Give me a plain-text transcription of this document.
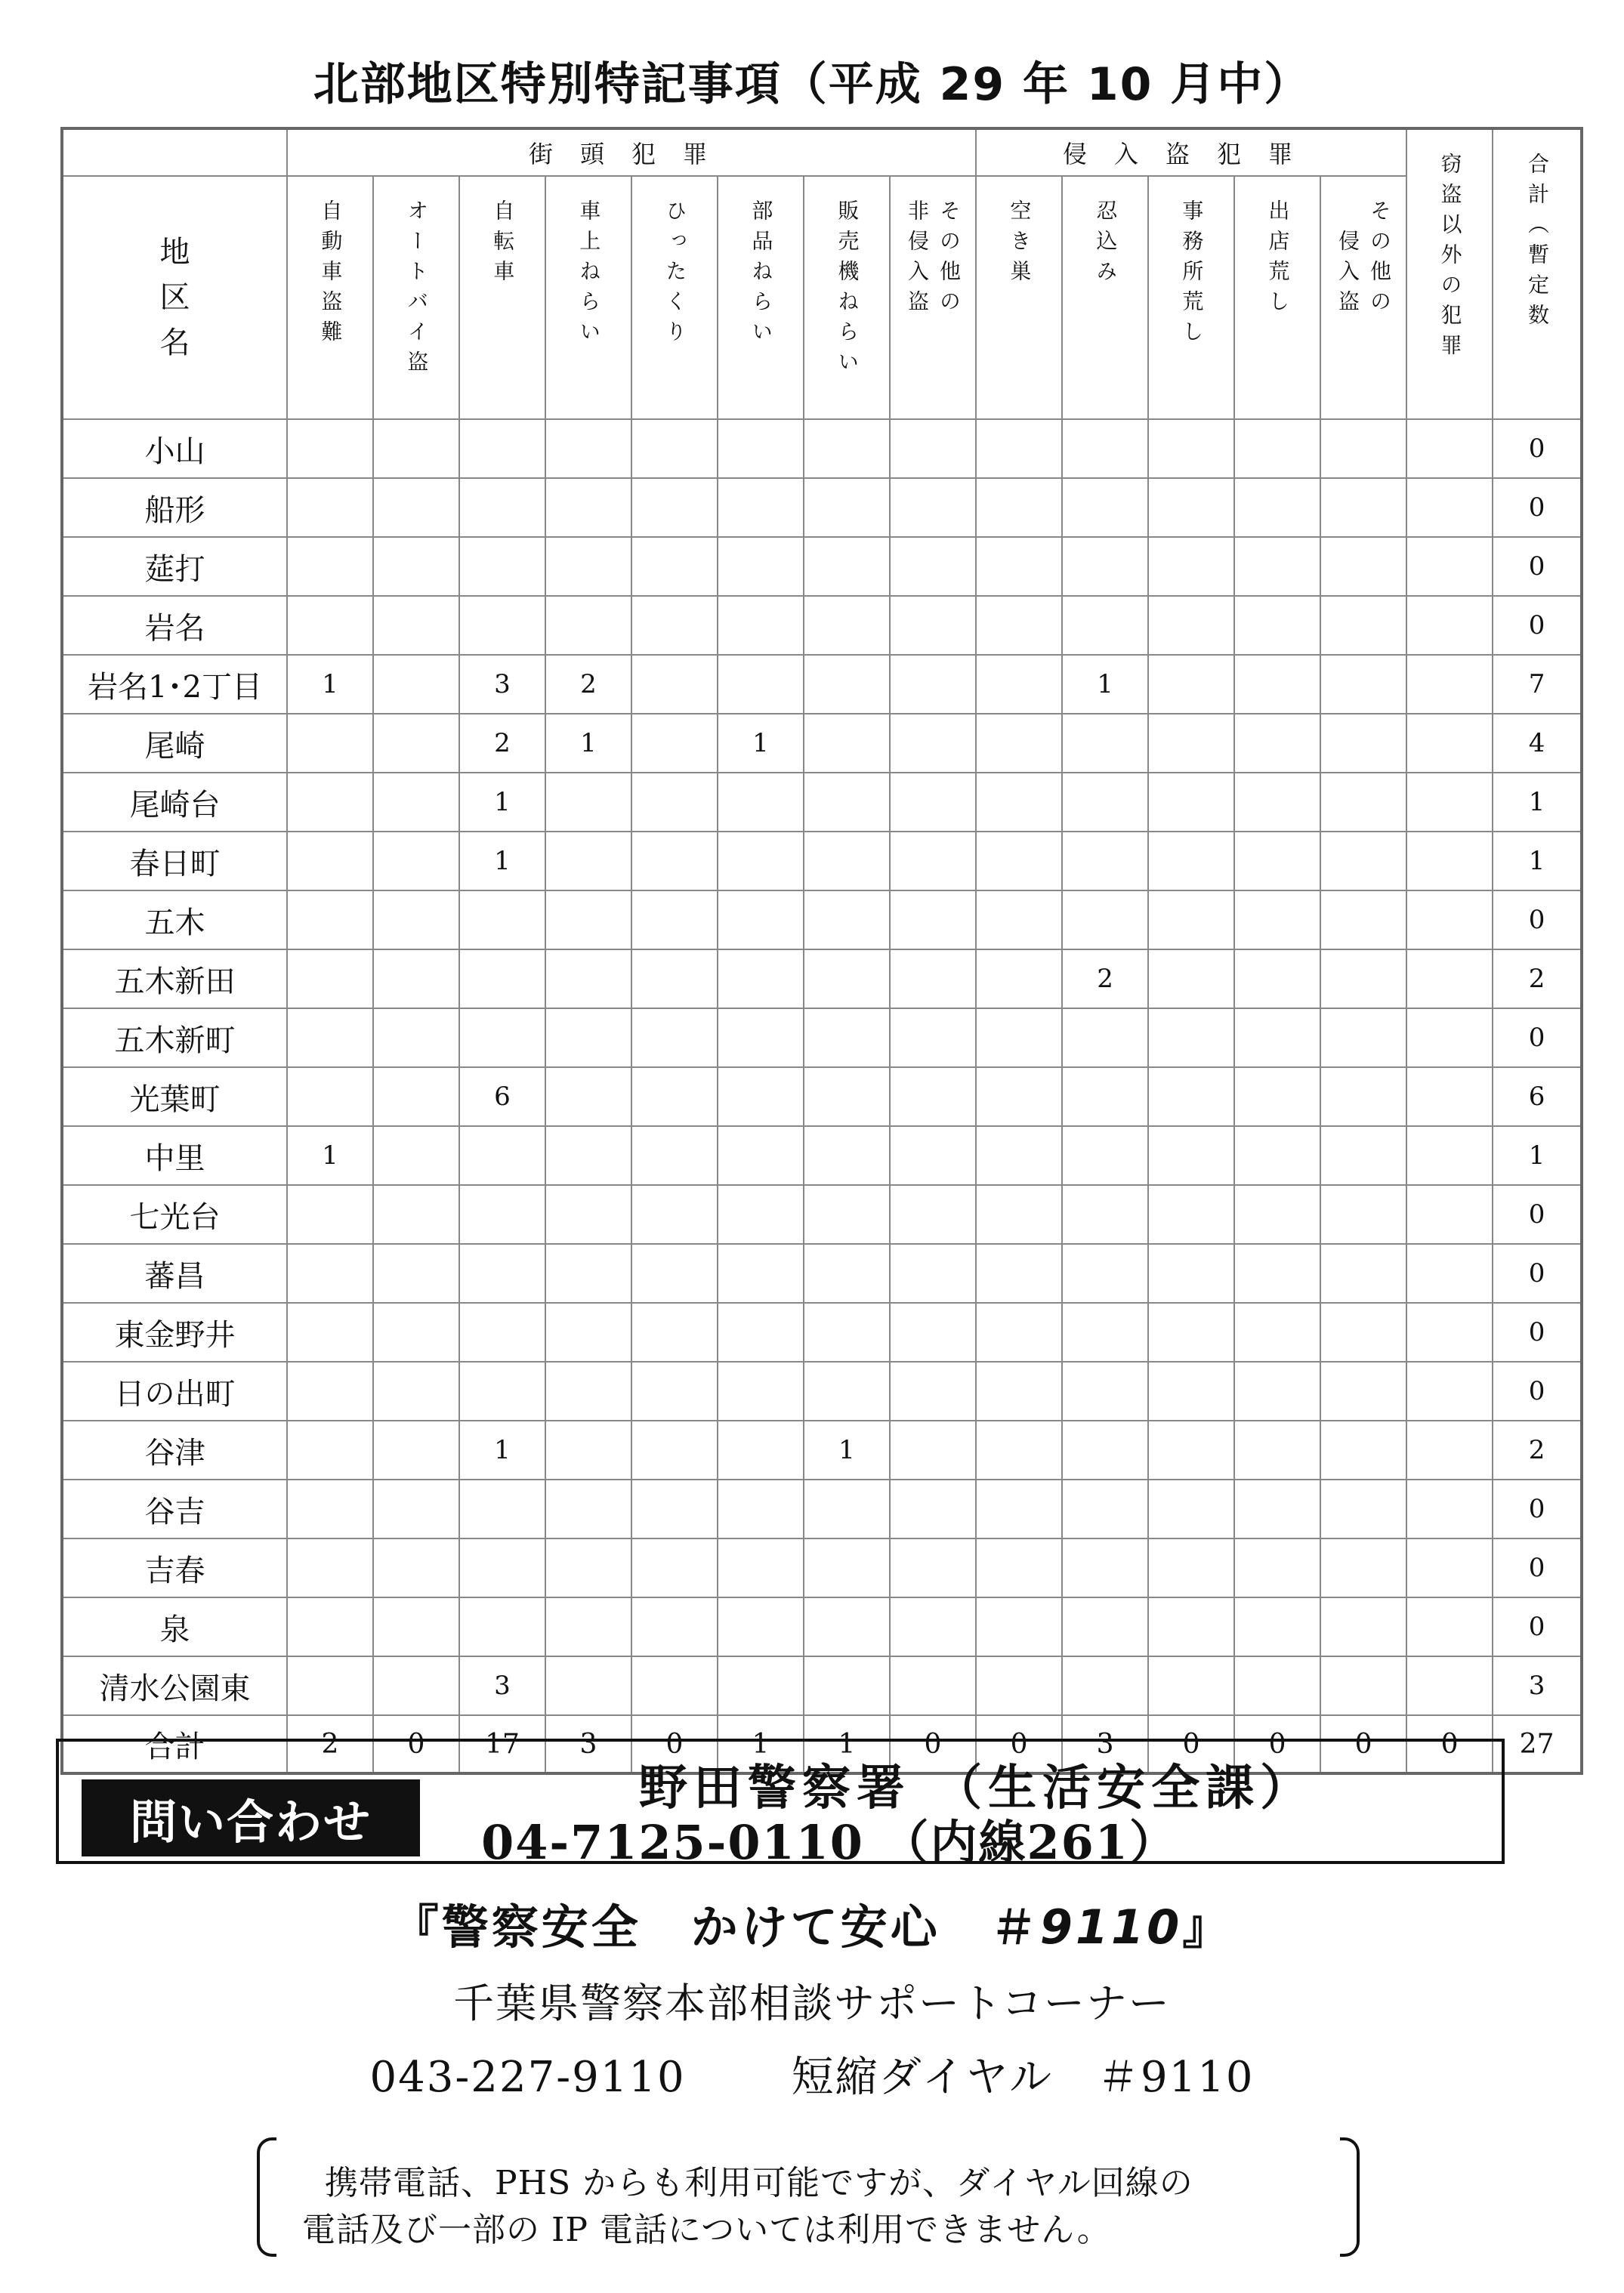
北部地区特別特記事項（平成 29 年 10 月中）
	街頭犯罪								侵入盗犯罪					窃盗以外の犯罪	合計（暫定数

地
区
名	自動車盗難	オートバイ盗	自転車	車上ねらい	ひったくり	部品ねらい	販売機ねらい	非侵入盗 その他の	空き巣	忍込み	事務所荒し	出店荒し	侵入盗 その他の		
小山															0
船形															0
莚打															0
岩名															0
岩名1･2丁目	1		3	2						1					7
尾崎			2	1		1									4
尾崎台			1												1
春日町			1												1
五木															0
五木新田										2					2
五木新町															0
光葉町			6												6
中里	1														1
七光台															0
蕃昌															0
東金野井															0
日の出町															0
谷津			1				1								2
谷吉															0
吉春															0
泉															0
清水公園東			3												3
合計	2	0	17	3	0	1	1	0	0	3	0	0	0	0	27
問い合わせ
野田警察署 （生活安全課）
04-7125-0110 （内線261）
『警察安全　かけて安心　＃9110』
千葉県警察本部相談サポートコーナー
043-227-9110	短縮ダイヤル　＃9110
携帯電話、PHS からも利用可能ですが、ダイヤル回線の
電話及び一部の IP 電話については利用できません。
